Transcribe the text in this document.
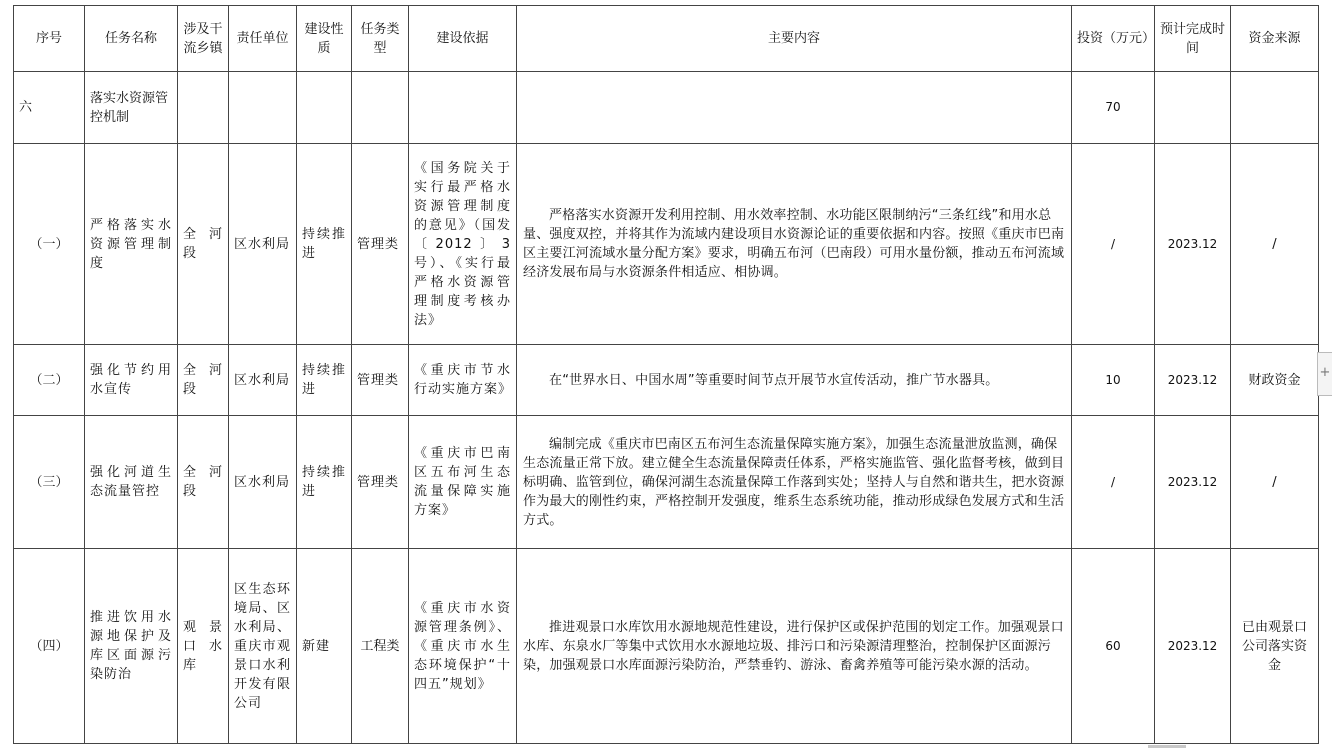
序号	任务名称	涉及干流乡镇	责任单位	建设性质	任务类型	建设依据	主要内容	投资（万元）	预计完成时间	资金来源
六	落实水资源管控机制							70		
（一）	严格落实水资源管理制度	全河段	区水利局	持续推进	管理类	《国务院关于实行最严格水资源管理制度的意见》（国发〔2012〕3号）、《实行最严格水资源管理制度考核办法》	严格落实水资源开发利用控制、用水效率控制、水功能区限制纳污“三条红线”和用水总量、强度双控，并将其作为流域内建设项目水资源论证的重要依据和内容。按照《重庆市巴南区主要江河流域水量分配方案》要求，明确五布河（巴南段）可用水量份额，推动五布河流域经济发展布局与水资源条件相适应、相协调。	/	2023.12	/
（二）	强化节约用水宣传	全河段	区水利局	持续推进	管理类	《重庆市节水行动实施方案》	在“世界水日、中国水周”等重要时间节点开展节水宣传活动，推广节水器具。	10	2023.12	财政资金
（三）	强化河道生态流量管控	全河段	区水利局	持续推进	管理类	《重庆市巴南区五布河生态流量保障实施方案》	编制完成《重庆市巴南区五布河生态流量保障实施方案》，加强生态流量泄放监测，确保生态流量正常下放。建立健全生态流量保障责任体系，严格实施监管、强化监督考核，做到目标明确、监管到位，确保河湖生态流量保障工作落到实处；坚持人与自然和谐共生，把水资源作为最大的刚性约束，严格控制开发强度，维系生态系统功能，推动形成绿色发展方式和生活方式。	/	2023.12	/
（四）	推进饮用水源地保护及库区面源污染防治	观景口水库	区生态环境局、区水利局、重庆市观景口水利开发有限公司	新建	工程类	《重庆市水资源管理条例》、《重庆市水生态环境保护“十四五”规划》	推进观景口水库饮用水源地规范性建设，进行保护区或保护范围的划定工作。加强观景口水库、东泉水厂等集中式饮用水水源地垃圾、排污口和污染源清理整治，控制保护区面源污染，加强观景口水库面源污染防治，严禁垂钓、游泳、畜禽养殖等可能污染水源的活动。	60	2023.12	已由观景口公司落实资金
+
